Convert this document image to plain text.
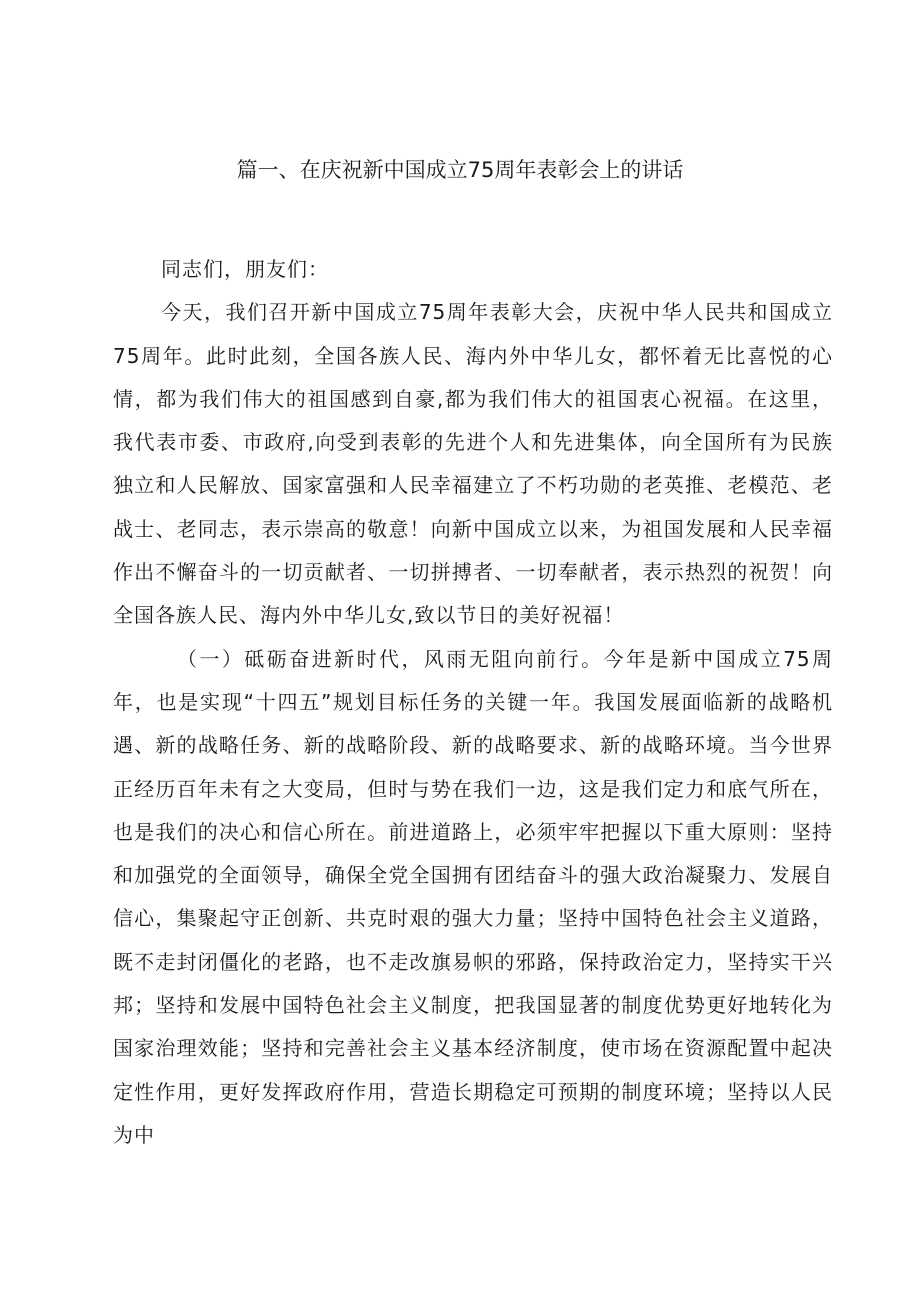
篇一、在庆祝新中国成立75周年表彰会上的讲话

同志们，朋友们：

今天，我们召开新中国成立75周年表彰大会，庆祝中华人民共和国成立75周年。此时此刻，全国各族人民、海内外中华儿女，都怀着无比喜悦的心情，都为我们伟大的祖国感到自豪,都为我们伟大的祖国衷心祝福。在这里，我代表市委、市政府,向受到表彰的先进个人和先进集体，向全国所有为民族独立和人民解放、国家富强和人民幸福建立了不朽功勋的老英推、老模范、老战士、老同志，表示崇高的敬意！向新中国成立以来，为祖国发展和人民幸福作出不懈奋斗的一切贡献者、一切拼搏者、一切奉献者，表示热烈的祝贺！向全国各族人民、海内外中华儿女,致以节日的美好祝福！

（一）砥砺奋进新时代，风雨无阻向前行。今年是新中国成立75周年，也是实现“十四五”规划目标任务的关键一年。我国发展面临新的战略机遇、新的战略任务、新的战略阶段、新的战略要求、新的战略环境。当今世界正经历百年未有之大变局，但时与势在我们一边，这是我们定力和底气所在，也是我们的决心和信心所在。前进道路上，必须牢牢把握以下重大原则：坚持和加强党的全面领导，确保全党全国拥有团结奋斗的强大政治凝聚力、发展自信心，集聚起守正创新、共克时艰的强大力量；坚持中国特色社会主义道路，既不走封闭僵化的老路，也不走改旗易帜的邪路，保持政治定力，坚持实干兴邦；坚持和发展中国特色社会主义制度，把我国显著的制度优势更好地转化为国家治理效能；坚持和完善社会主义基本经济制度，使市场在资源配置中起决定性作用，更好发挥政府作用，营造长期稳定可预期的制度环境；坚持以人民为中
